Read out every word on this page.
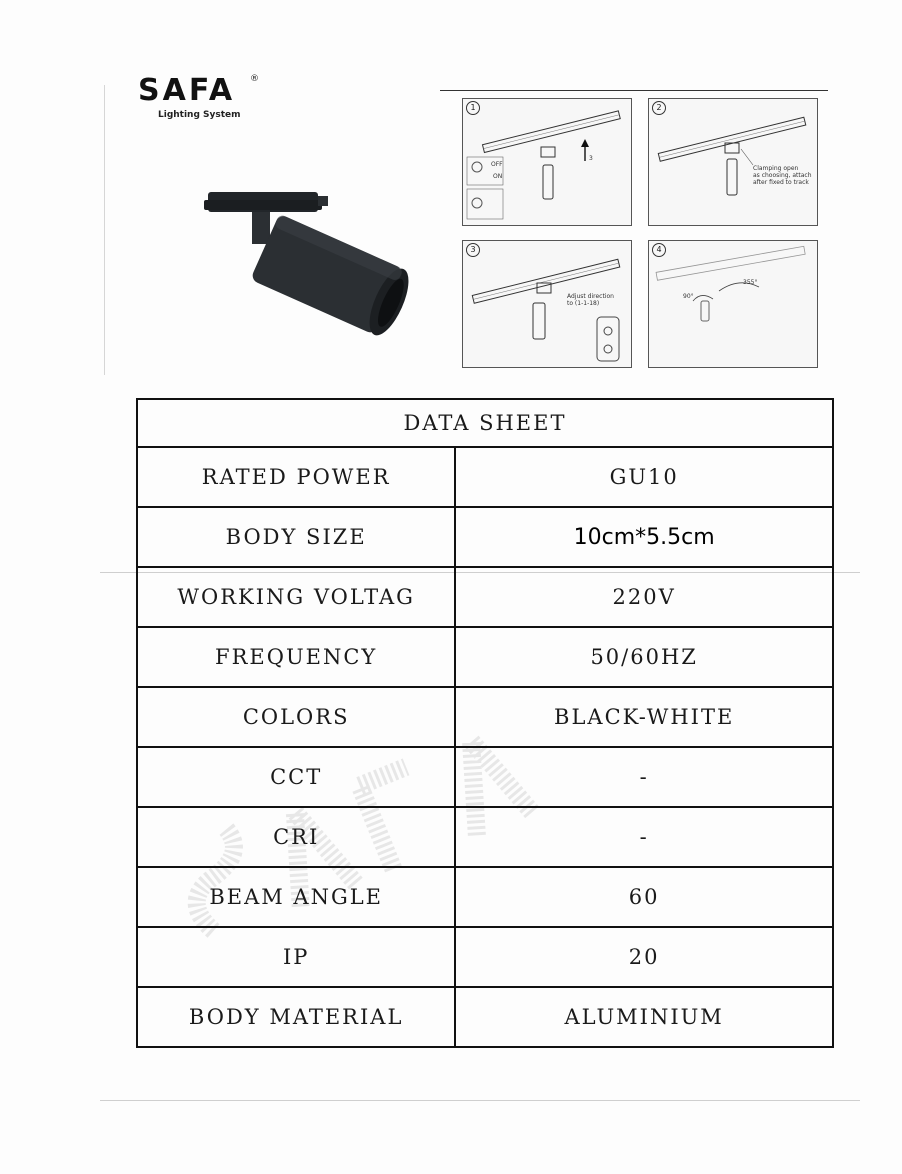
SAFA	®
Lighting System
1
OFF
ON
3
2
Clamping open
as choosing, attach
after fixed to track
3
Adjust direction
to (1-1-18)
4
90°
355°
DATA SHEET	
RATED POWER	GU10
BODY SIZE	10cm*5.5cm
WORKING VOLTAG	220V
FREQUENCY	50/60HZ
COLORS	BLACK-WHITE
CCT	-
CRI	-
BEAM ANGLE	60
IP	20
BODY MATERIAL	ALUMINIUM
